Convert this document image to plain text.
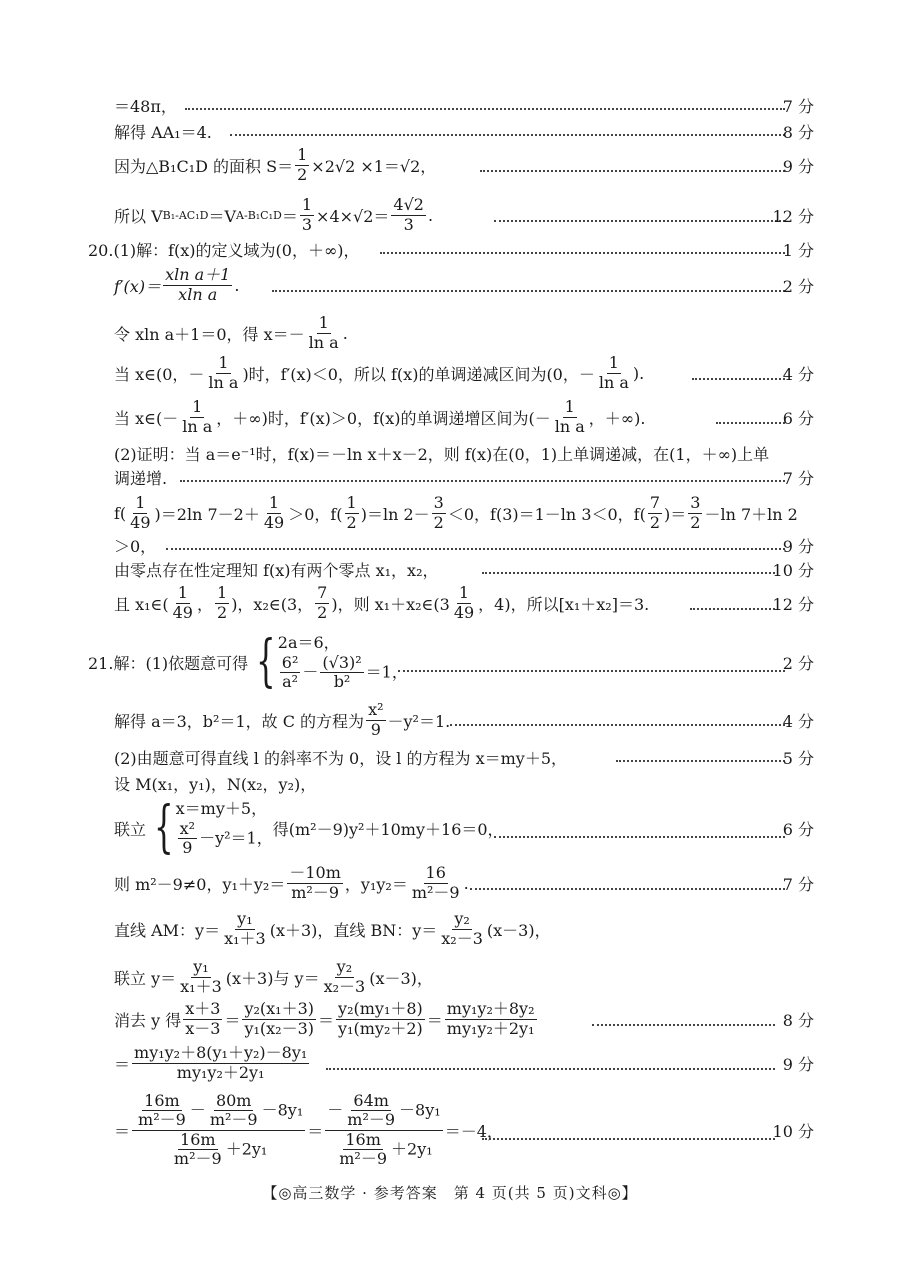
＝48π，	7 分
解得 AA₁＝4.	8 分
因为△B₁C₁D 的面积 $S= \frac{1}{2} \times 2√2 \times 1=√2$，	9 分
所以 V B₁-AC₁D ＝V $A-B_1C_1D = \frac{1}{3} \times 4\times√2= \frac{4√2}{3}$ .	12 分
20.(1)解：f(x)的定义域为(0，＋∞)，	1 分
$f'(x)= \frac{\text{xln a＋1}}{\text{xln a}}$ .	2 分
令 xln a＋1＝0，得 $x=- \frac{1}{\text{ln a}}$ .
当 x∈(0，－ $\frac{1}{\text{ln a}}$ )时，f′(x)＜0，所以 f(x)的单调递减区间为(0，－ $\frac{1}{\text{ln a}}$ ).	4 分
当 x∈(－ $\frac{1}{\text{ln a}}$ ，＋∞)时，f′(x)＞0，f(x)的单调递增区间为(－ $\frac{1}{\text{ln a}}$ ，＋∞).	6 分
(2)证明：当 a＝e⁻¹时，f(x)＝－ln x＋x－2，则 f(x)在(0，1)上单调递减，在(1，＋∞)上单
调递增.	7 分
$f( \frac{1}{49} )=2\ln$ $7-2+ \frac{1}{49} >0$，$f( \frac{1}{2} )=\ln$ $2- \frac{3}{2} <0$，f(3)＝1－ln 3＜0，$f( \frac{7}{2}$ )＝ $\frac{3}{2} -\ln$ 7＋ln 2
＞0，	9 分
由零点存在性定理知 f(x)有两个零点 x₁，x₂，	10 分
且 x₁∈( $\frac{1}{49}$ ， $\frac{1}{2}$ )，x₂∈(3， $\frac{7}{2}$ )，则 x₁＋x₂∈(3 $\frac{1}{49}$ ，4)，所以[x₁＋x₂]＝3.	12 分
21.解：(1)依题意可得 { 2a＝6，
$\frac{\text{6²}}{\text{a²}} - \frac{\text{(√3)²}}{\text{b²}} =1$，	2 分
解得 a＝3，b²＝1，故 C 的方程为 $\frac{\text{x²}}{9} -y^2=1$.	4 分
(2)由题意可得直线 l 的斜率不为 0，设 l 的方程为 x＝my＋5，	5 分
设 M(x₁，y₁)，N(x₂，y₂)，
联立 { x＝my＋5，
$\frac{\text{x²}}{9} -y^2=1$， 得(m²－9)y²＋10my＋16＝0，	6 分
则 m²－9≠0，$y_1+y_2= \frac{-10m}{\text{m²－9}}$ ，$y_1y_2= \frac{16}{\text{m²－9}}$ .	7 分
直线 AM：$y= \frac{\text{y₁}}{\text{x₁＋3}} (x+3)$，直线 BN：$y= \frac{\text{y₂}}{\text{x₂－3}} (x-3)$，
联立 $y= \frac{\text{y₁}}{\text{x₁＋3}} (x+3)$与 $y= \frac{\text{y₂}}{\text{x₂－3}} (x-3)$，
消去 y 得 $\frac{x+3}{x-3} = \frac{\text{y₂(x₁＋3)}}{\text{y₁(x₂－3)}} = \frac{\text{y₂(my₁＋8)}}{\text{y₁(my₂＋2)}} = \frac{\text{my₁y₂＋8y₂}}{\text{my₁y₂＋2y₁}}$	8 分
＝ $\frac{\text{my₁y₂＋8(y₁＋y₂)－8y₁}}{\text{my₁y₂＋2y₁}}$	9 分
＝ $\frac{\frac{16m}{\text{m²－9}} - \frac{80m}{\text{m²－9}} -8y_1}{\frac{16m}{\text{m²－9}} +2y_1} = \frac{- \frac{64m}{\text{m²－9}} -8y_1}{\frac{16m}{\text{m²－9}} +2y_1} =-4$，	10 分
【◎高三数学 · 参考答案　第 4 页(共 5 页)文科◎】
